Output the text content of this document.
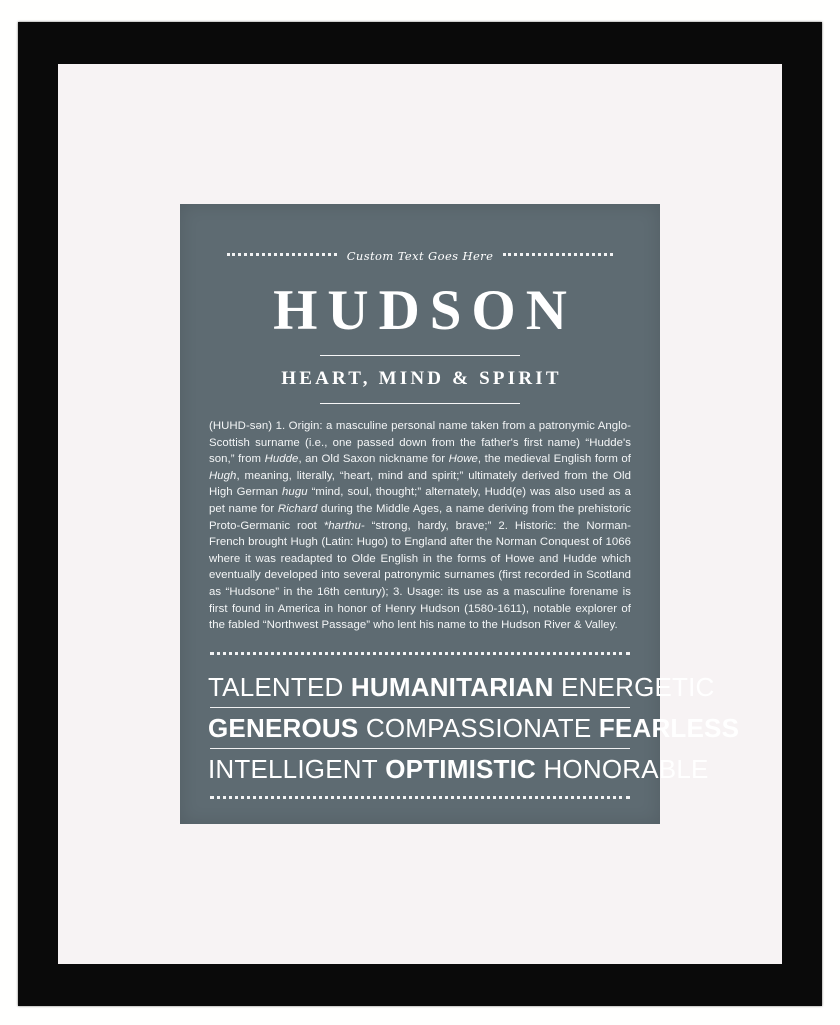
Custom Text Goes Here
HUDSON
HEART, MIND & SPIRIT
(HUHD-sən) 1. Origin: a masculine personal name taken from a patronymic Anglo-Scottish surname (i.e., one passed down from the father's first name) “Hudde's son,” from Hudde, an Old Saxon nickname for Howe, the medieval English form of Hugh, meaning, literally, “heart, mind and spirit;” ultimately derived from the Old High German hugu “mind, soul, thought;” alternately, Hudd(e) was also used as a pet name for Richard during the Middle Ages, a name deriving from the prehistoric Proto-Germanic root *harthu- “strong, hardy, brave;” 2. Historic: the Norman-French brought Hugh (Latin: Hugo) to England after the Norman Conquest of 1066 where it was readapted to Olde English in the forms of Howe and Hudde which eventually developed into several patronymic surnames (first recorded in Scotland as “Hudsone” in the 16th century); 3. Usage: its use as a masculine forename is first found in America in honor of Henry Hudson (1580-1611), notable explorer of the fabled “Northwest Passage” who lent his name to the Hudson River & Valley.
TALENTED HUMANITARIAN ENERGETIC
GENEROUS COMPASSIONATE FEARLESS
INTELLIGENT OPTIMISTIC HONORABLE
